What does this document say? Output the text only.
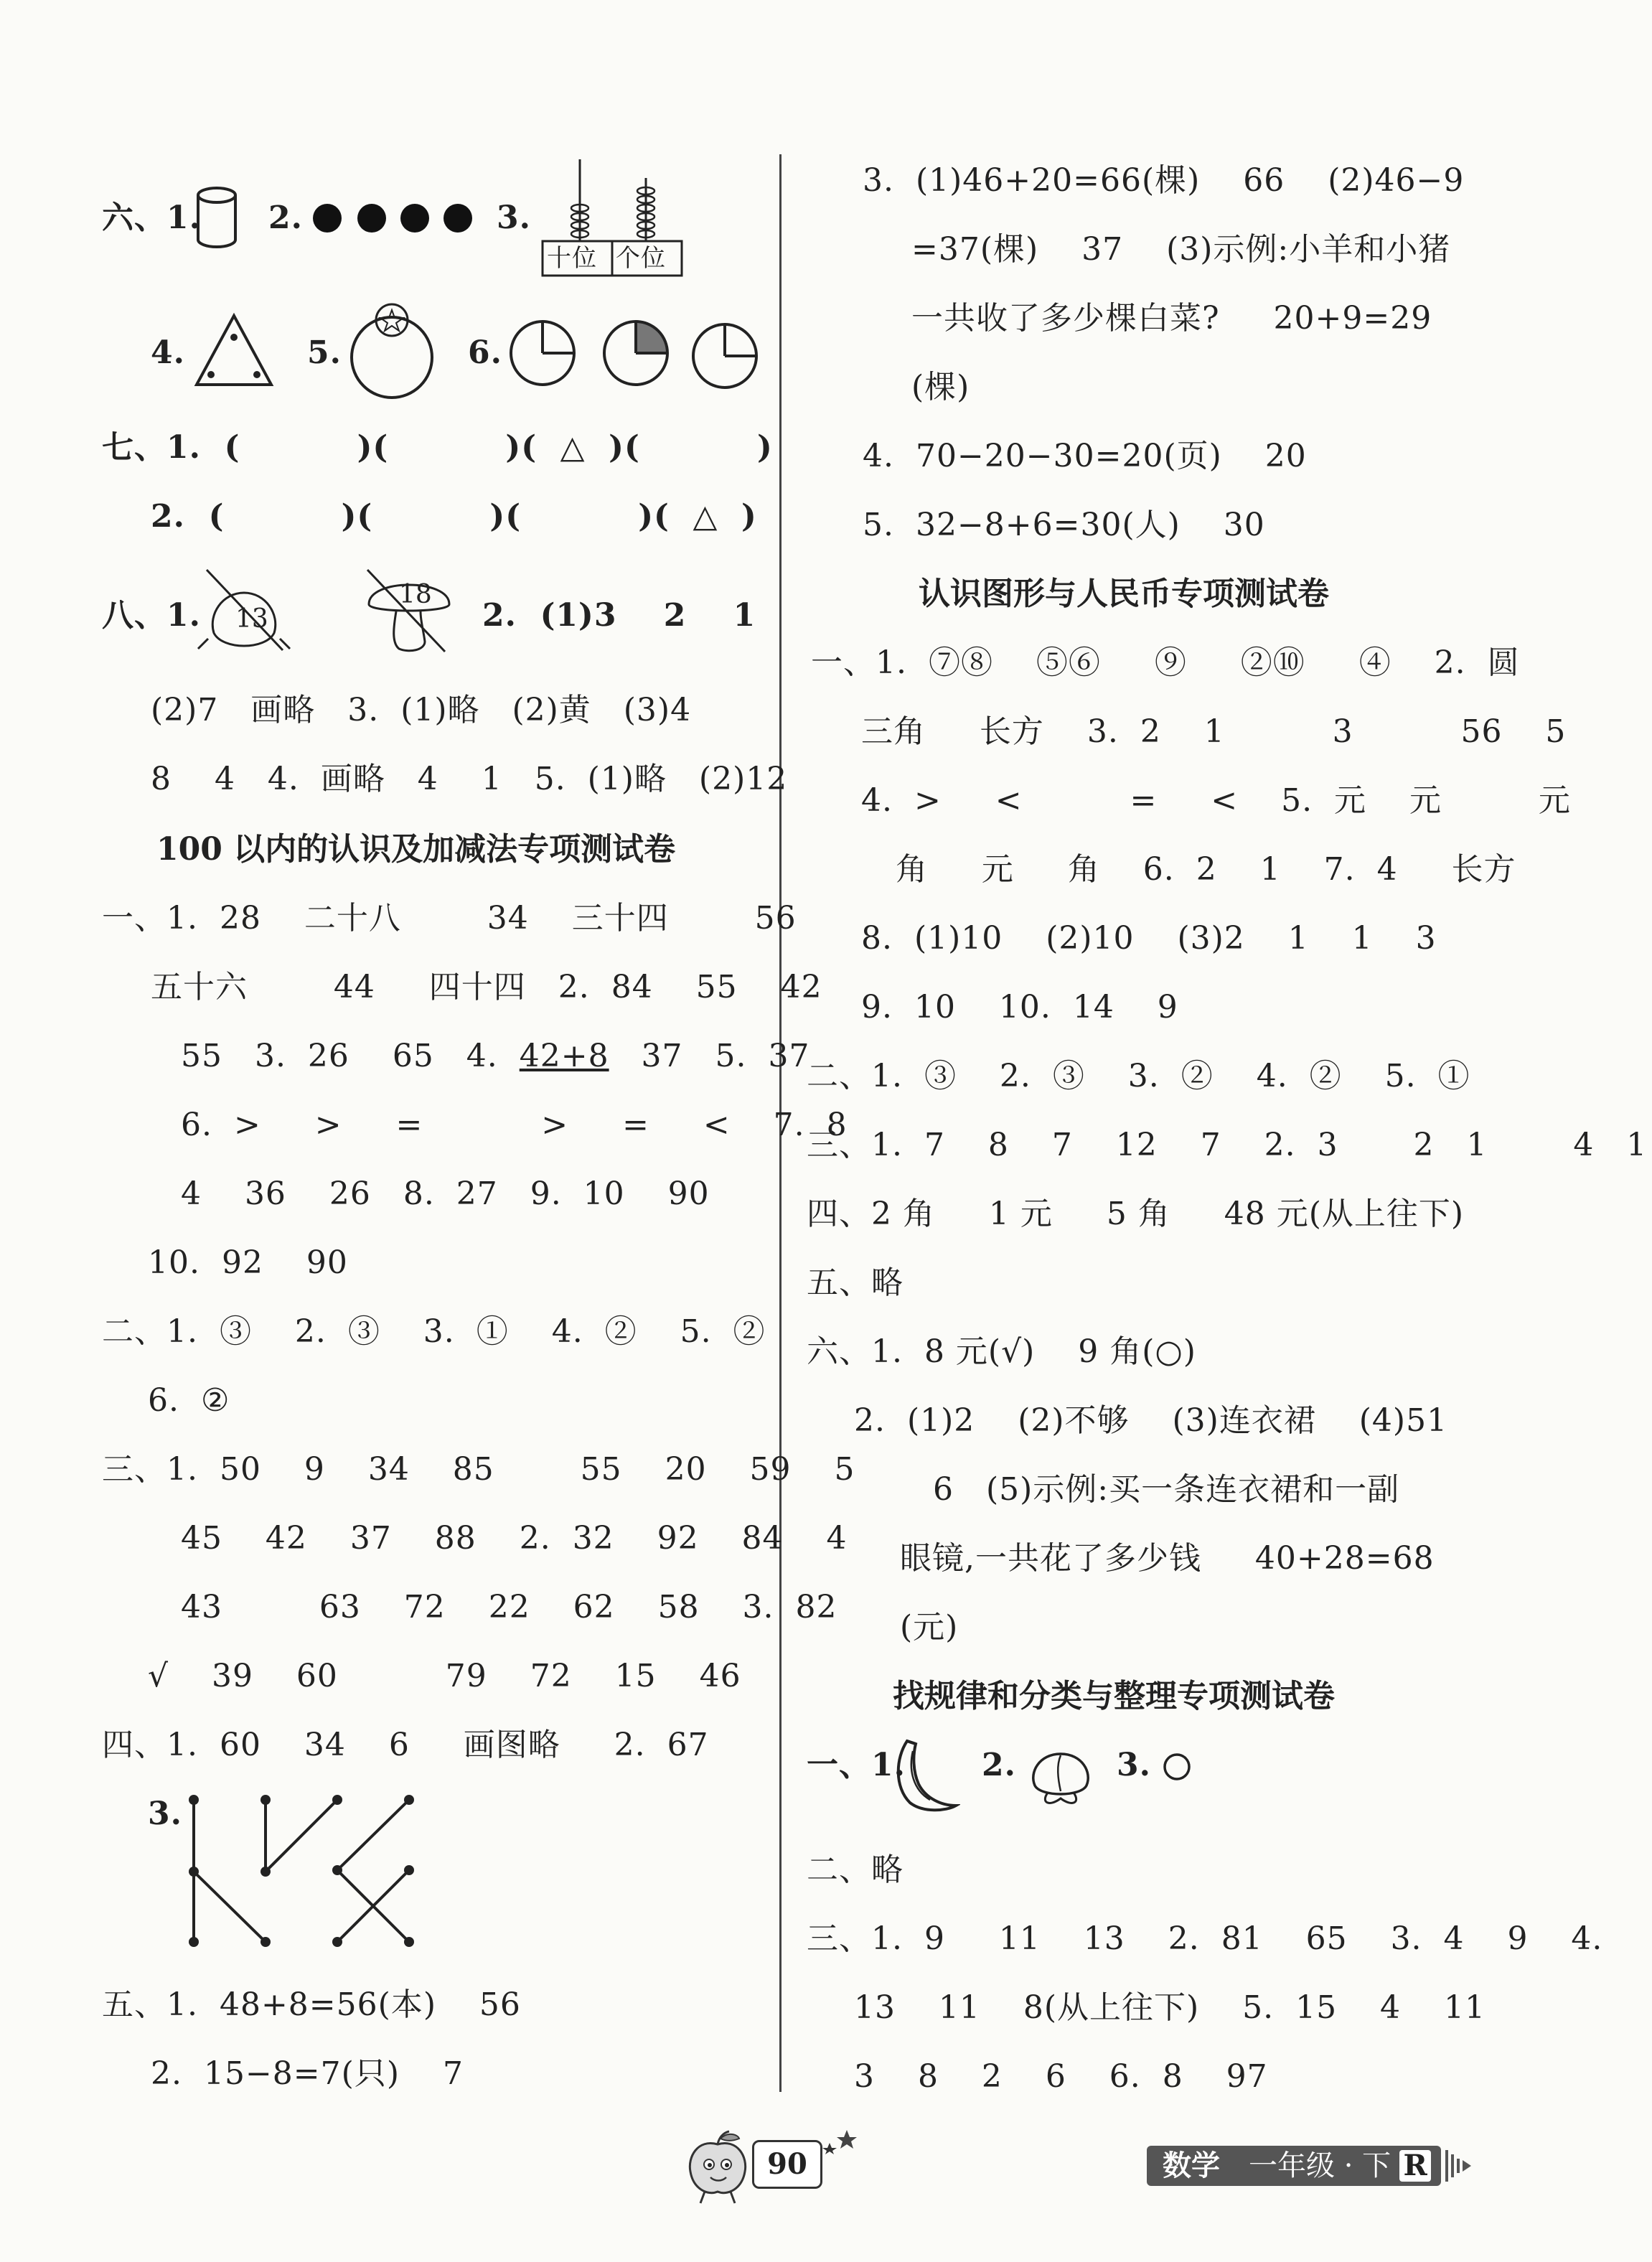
六、1. 2.	3.
十位 个位
4.	5.	6.
七、1.  (          )(          )(  △  )(          )
2.  (          )(          )(          )(  △  )
八、1. 13
18
2.  (1)3    2    1
(2)7   画略   3.  (1)略   (2)黄   (3)4
8    4   4.  画略   4    1   5.  (1)略   (2)12
100 以内的认识及加减法专项测试卷
一、1.  28    二十八        34    三十四        56
五十六        44     四十四   2.  84    55    42
55   3.  26    65   4.  42+8   37   5.  37
6.  >     >     =           >     =     <    7.  8
4    36    26   8.  27   9.  10    90
10.  92    90
二、1.  ③    2.  ③    3.  ①    4.  ②    5.  ②
6.  ②
三、1.  50    9    34    85        55    20    59    5
45    42    37    88    2.  32    92    84    4
43         63    72    22    62    58    3.  82
√    39    60          79    72    15    46
四、1.  60    34    6     画图略     2.  67
3.
五、1.  48+8=56(本)    56
2.  15−8=7(只)    7
3.  (1)46+20=66(棵)    66    (2)46−9
=37(棵)    37    (3)示例:小羊和小猪
一共收了多少棵白菜?     20+9=29
(棵)
4.  70−20−30=20(页)    20
5.  32−8+6=30(人)    30
认识图形与人民币专项测试卷
一、1.  ⑦⑧    ⑤⑥     ⑨     ②⑩     ④    2.  圆
三角     长方    3.  2    1          3          56    5
4.  >     <          =     <    5.  元    元         元
角     元     角    6.  2    1    7.  4     长方
8.  (1)10    (2)10    (3)2    1    1    3
9.  10    10.  14    9
二、1.  ③    2.  ③    3.  ②    4.  ②    5.  ①
三、1.  7    8    7    12    7    2.  3       2   1        4   1
四、2 角     1 元     5 角     48 元(从上往下)
五、略
六、1.  8 元(√)    9 角(○)
2.  (1)2    (2)不够    (3)连衣裙    (4)51
6   (5)示例:买一条连衣裙和一副
眼镜,一共花了多少钱     40+28=68
(元)
找规律和分类与整理专项测试卷
一、1. 2.	3.
二、略
三、1.  9     11    13    2.  81    65    3.  4    9    4.
13    11    8(从上往下)    5.  15    4    11
3    8    2    6    6.  8    97
90	数学 一年级 · 下 R
